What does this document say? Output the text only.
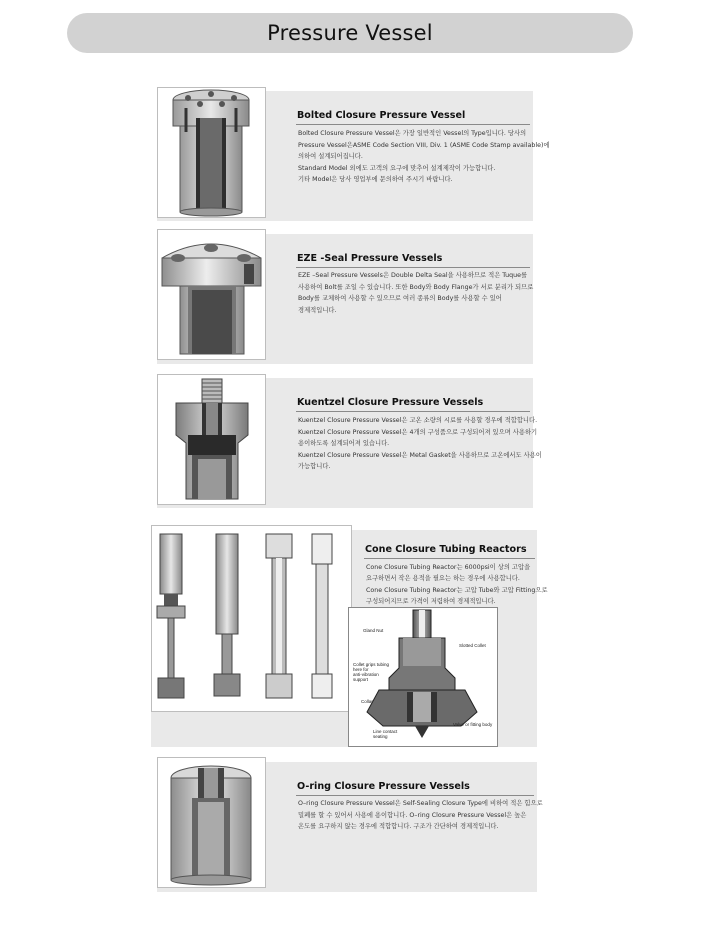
Pressure Vessel
Bolted Closure Pressure Vessel
Bolted Closure Pressure Vessel은 가장 일반적인 Vessel의 Type입니다. 당사의
Pressure Vessel은ASME Code Section VIII, Div. 1 (ASME Code Stamp available)에
의하여 설계되어집니다.
Standard Model 외에도 고객의 요구에 맞추어 설계제작이 가능합니다.
기타 Model은 당사 영업부에 문의하여 주시기 바랍니다.
EZE -Seal Pressure Vessels
EZE –Seal Pressure Vessels은 Double Delta Seal을 사용하므로 적은 Tuque를
사용하여 Bolt를 조일 수 있습니다. 또한 Body와 Body Flange가 서로 분리가 되므로
Body를 교체하여 사용할 수 있으므로 여러 종류의 Body를 사용할 수 있어
경제적입니다.
Kuentzel Closure Pressure Vessels
Kuentzel Closure Pressure Vessel은 고온 소량의 시료를 사용할 경우에 적합합니다.
Kuentzel Closure Pressure Vessel은 4개의 구성품으로 구성되어져 있으며 사용하기
용이하도록 설계되어져 있습니다.
Kuentzel Closure Pressure Vessel은 Metal Gasket을 사용하므로 고온에서도 사용이
가능합니다.
Cone Closure Tubing Reactors
Cone Closure Tubing Reactor는 6000psi이 상의 고압을
요구하면서 작은 용적을 필요는 하는 경우에 사용합니다.
Cone Closure Tubing Reactor는 고압 Tube와 고압 Fitting으로
구성되어지므로 가격이 저렴하여 경제적입니다.
Gland Nut
Slotted Collet
Collet grips tubing
here for
anti-vibration
support
Collar
Valve or fitting body
Line contact
seating
O-ring Closure Pressure Vessels
O–ring Closure Pressure Vessel은 Self-Sealing Closure Type에 비하여 적은 힘으로
밀폐를 할 수 있어서 사용에 용이합니다. O–ring Closure Pressure Vessel은 높은
온도를 요구하지 않는 경우에 적합합니다. 구조가 간단하여 경제적입니다.
